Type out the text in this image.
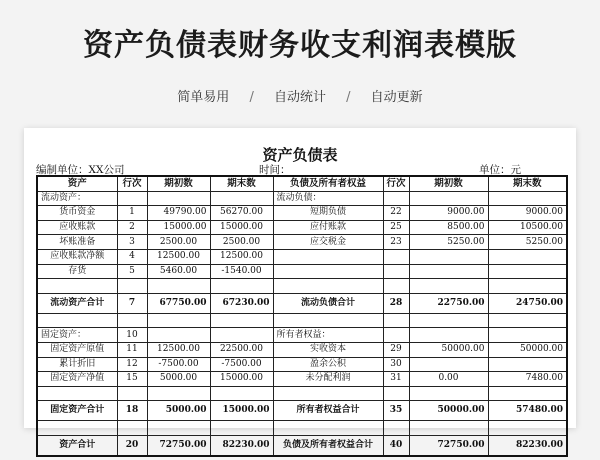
资产负债表财务收支利润表模版
简单易用 / 自动统计 / 自动更新
资产负债表
编制单位：XX公司	时间：	单位：元
资产	行次	期初数	期末数	负债及所有者权益	行次	期初数	期末数
流动资产：				流动负债：			
货币资金	1	49790.00	56270.00	短期负债	22	9000.00	9000.00
应收账款	2	15000.00	15000.00	应付账款	25	8500.00	10500.00
坏账准备	3	2500.00	2500.00	应交税金	23	5250.00	5250.00
应收账款净额	4	12500.00	12500.00				
存货	5	5460.00	-1540.00				

流动资产合计	7	67750.00	67230.00	流动负债合计	28	22750.00	24750.00

固定资产：	10			所有者权益：			
固定资产原值	11	12500.00	22500.00	实收资本	29	50000.00	50000.00
累计折旧	12	-7500.00	-7500.00	盈余公积	30		
固定资产净值	15	5000.00	15000.00	未分配利润	31	0.00	7480.00

固定资产合计	18	5000.00	15000.00	所有者权益合计	35	50000.00	57480.00

资产合计	20	72750.00	82230.00	负债及所有者权益合计	40	72750.00	82230.00
